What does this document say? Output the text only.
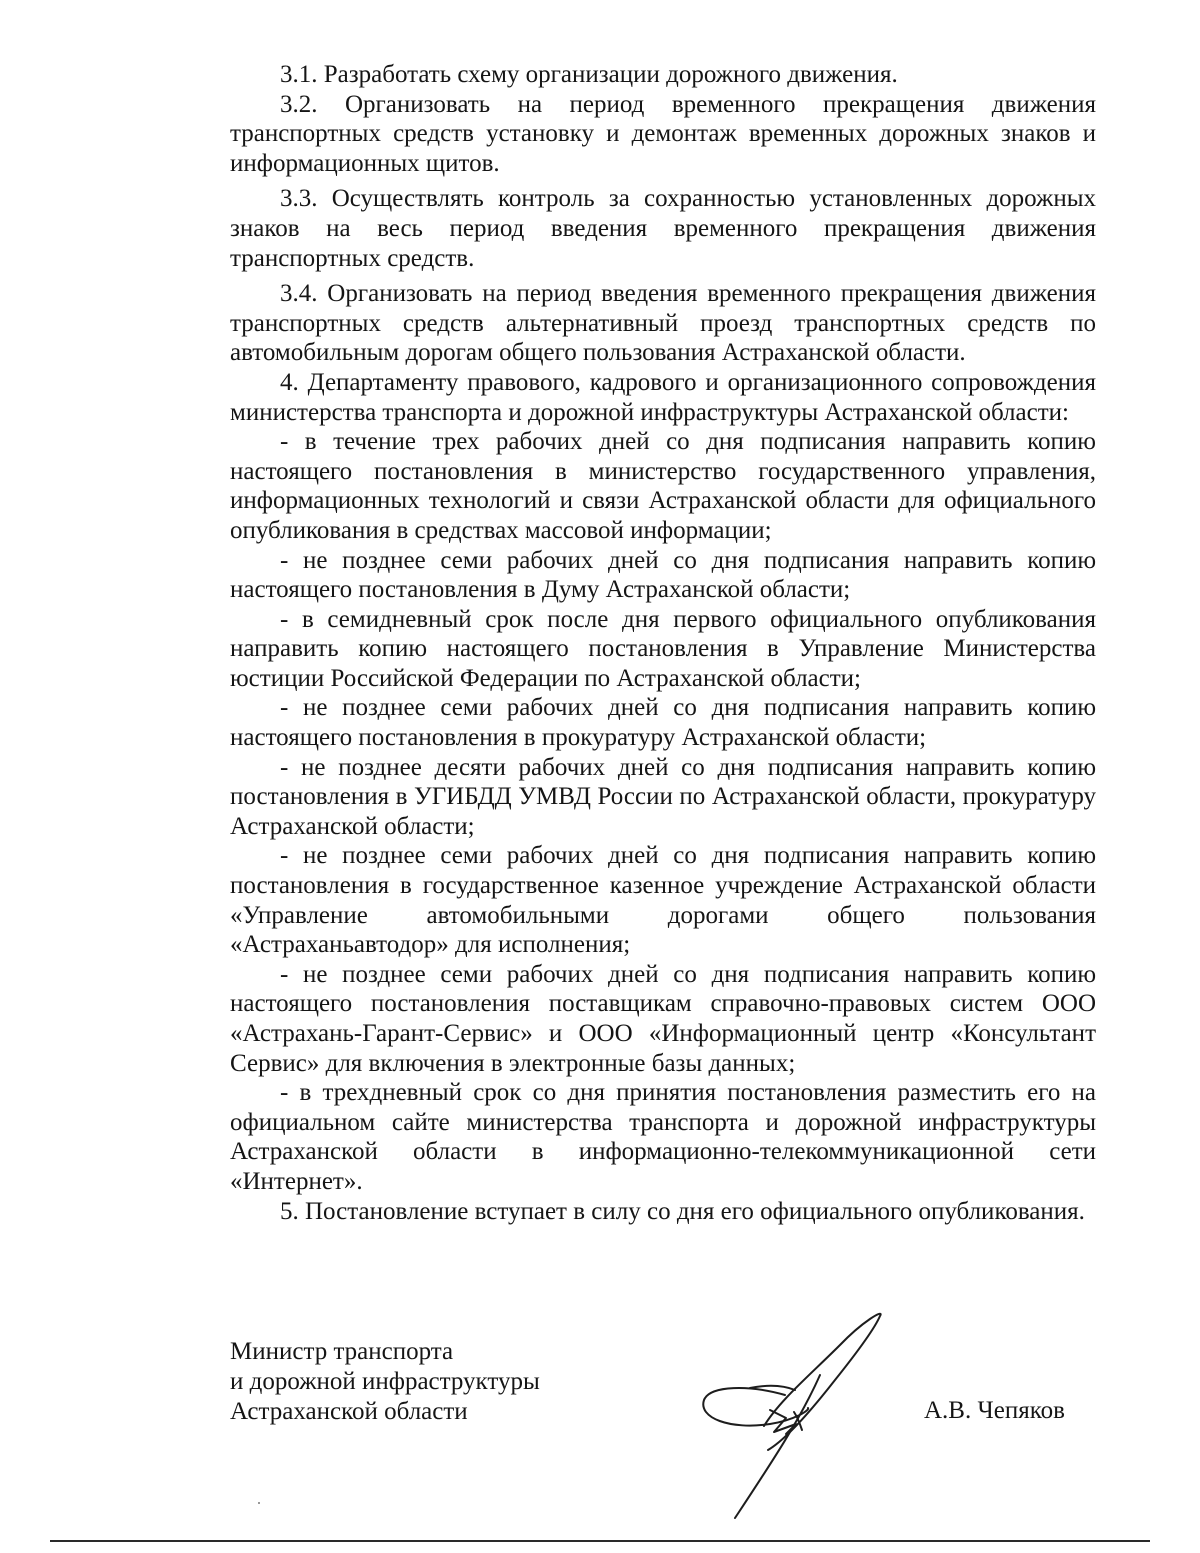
3.1. Разработать схему организации дорожного движения.

3.2. Организовать на период временного прекращения движения транспортных средств установку и демонтаж временных дорожных знаков и информационных щитов.

3.3. Осуществлять контроль за сохранностью установленных дорожных знаков на весь период введения временного прекращения движения транспортных средств.

3.4. Организовать на период введения временного прекращения движения транспортных средств альтернативный проезд транспортных средств по автомобильным дорогам общего пользования Астраханской области.

4. Департаменту правового, кадрового и организационного сопровождения министерства транспорта и дорожной инфраструктуры Астраханской области:

- в течение трех рабочих дней со дня подписания направить копию настоящего постановления в министерство государственного управления, информационных технологий и связи Астраханской области для официального опубликования в средствах массовой информации;

- не позднее семи рабочих дней со дня подписания направить копию настоящего постановления в Думу Астраханской области;

- в семидневный срок после дня первого официального опубликования направить копию настоящего постановления в Управление Министерства юстиции Российской Федерации по Астраханской области;

- не позднее семи рабочих дней со дня подписания направить копию настоящего постановления в прокуратуру Астраханской области;

- не позднее десяти рабочих дней со дня подписания направить копию постановления в УГИБДД УМВД России по Астраханской области, прокуратуру Астраханской области;

- не позднее семи рабочих дней со дня подписания направить копию постановления в государственное казенное учреждение Астраханской области «Управление автомобильными дорогами общего пользования «Астраханьавтодор» для исполнения;

- не позднее семи рабочих дней со дня подписания направить копию настоящего постановления поставщикам справочно-правовых систем ООО «Астрахань-Гарант-Сервис» и ООО «Информационный центр «Консультант Сервис» для включения в электронные базы данных;

- в трехдневный срок со дня принятия постановления разместить его на официальном сайте министерства транспорта и дорожной инфраструктуры Астраханской области в информационно-телекоммуникационной сети «Интернет».

5. Постановление вступает в силу со дня его официального опубликования.

Министр транспорта
и дорожной инфраструктуры
Астраханской области	А.В. Чепяков
